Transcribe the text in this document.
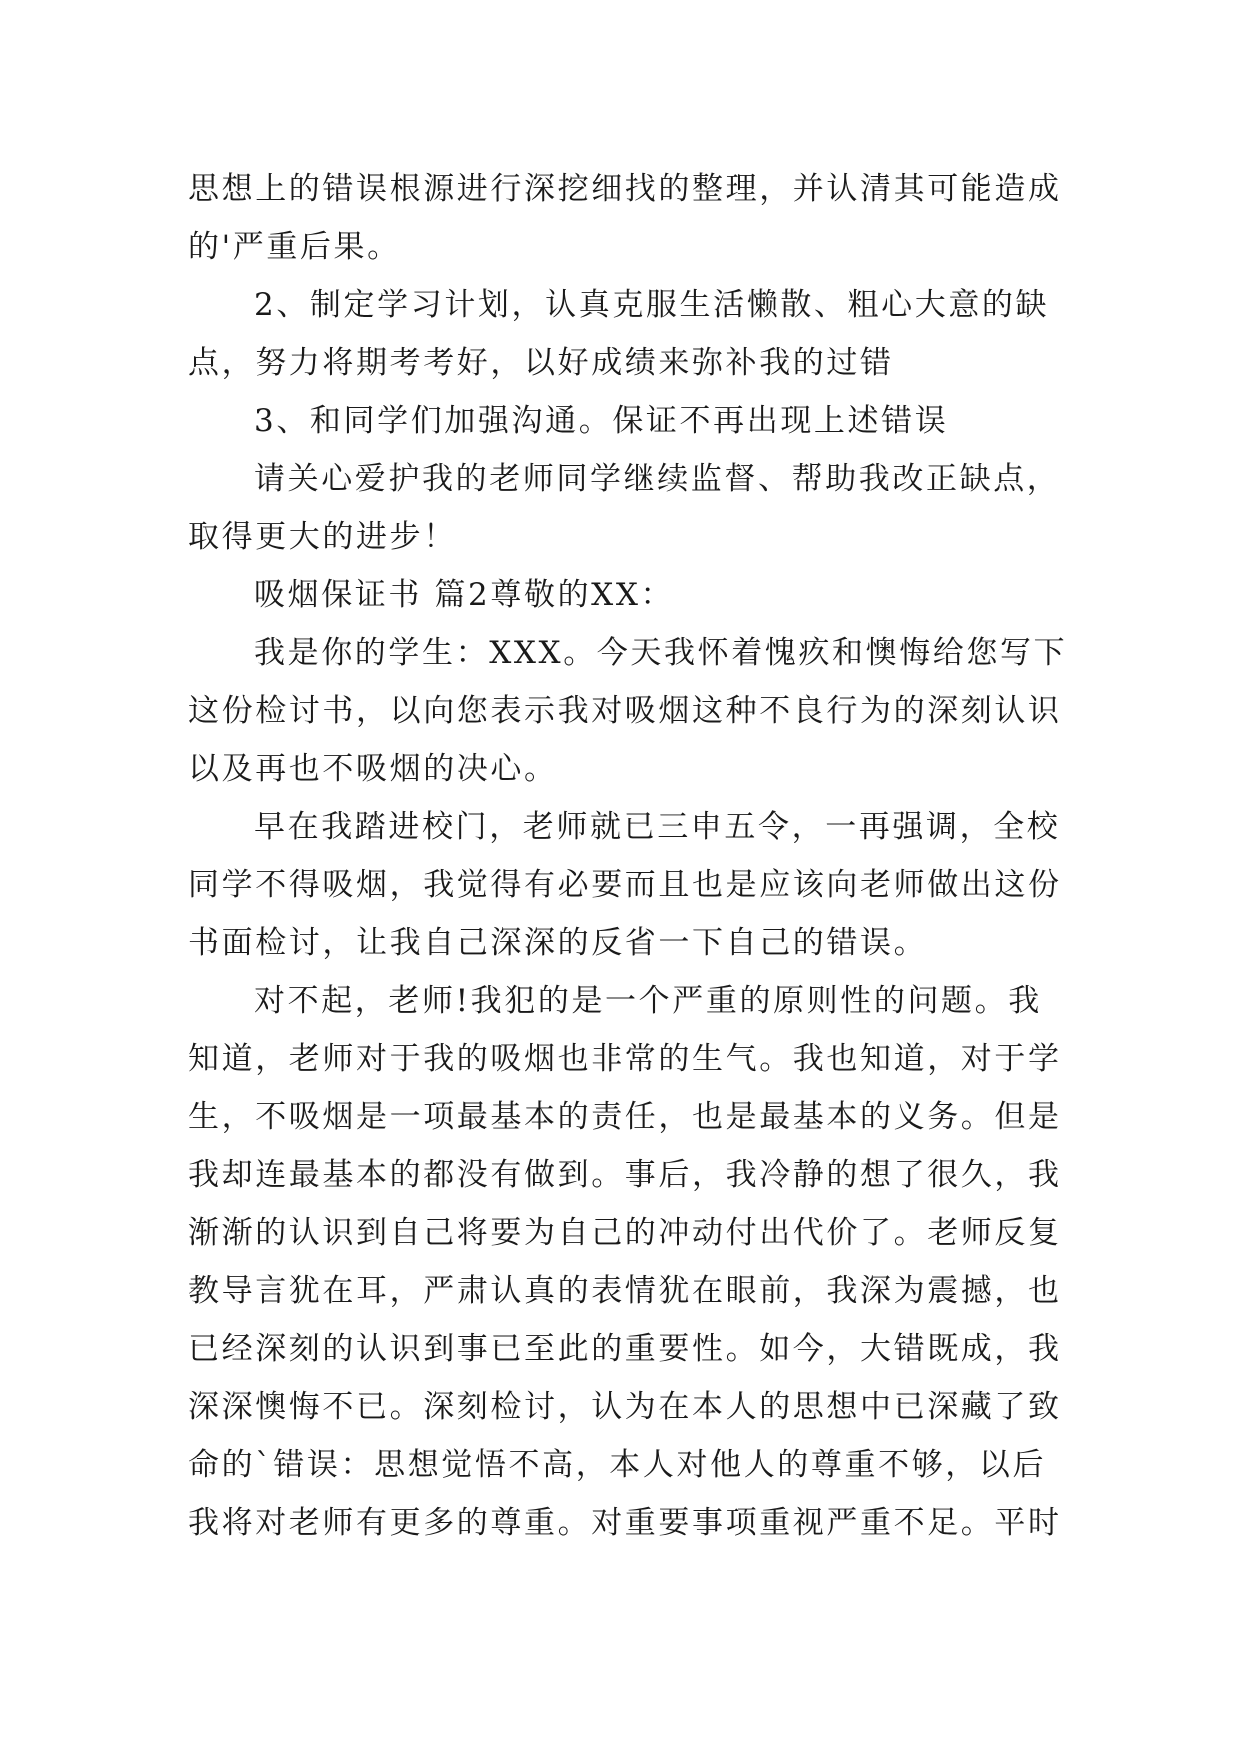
思想上的错误根源进行深挖细找的整理，并认清其可能造成
的'严重后果。
2、制定学习计划，认真克服生活懒散、粗心大意的缺
点，努力将期考考好，以好成绩来弥补我的过错
3、和同学们加强沟通。保证不再出现上述错误
请关心爱护我的老师同学继续监督、帮助我改正缺点，
取得更大的进步！
吸烟保证书 篇2尊敬的XX：
我是你的学生：XXX。今天我怀着愧疚和懊悔给您写下
这份检讨书，以向您表示我对吸烟这种不良行为的深刻认识
以及再也不吸烟的决心。
早在我踏进校门，老师就已三申五令，一再强调，全校
同学不得吸烟，我觉得有必要而且也是应该向老师做出这份
书面检讨，让我自己深深的反省一下自己的错误。
对不起，老师!我犯的是一个严重的原则性的问题。我
知道，老师对于我的吸烟也非常的生气。我也知道，对于学
生，不吸烟是一项最基本的责任，也是最基本的义务。但是
我却连最基本的都没有做到。事后，我冷静的想了很久，我
渐渐的认识到自己将要为自己的冲动付出代价了。老师反复
教导言犹在耳，严肃认真的表情犹在眼前，我深为震撼，也
已经深刻的认识到事已至此的重要性。如今，大错既成，我
深深懊悔不已。深刻检讨，认为在本人的思想中已深藏了致
命的`错误：思想觉悟不高，本人对他人的尊重不够，以后
我将对老师有更多的尊重。对重要事项重视严重不足。平时
